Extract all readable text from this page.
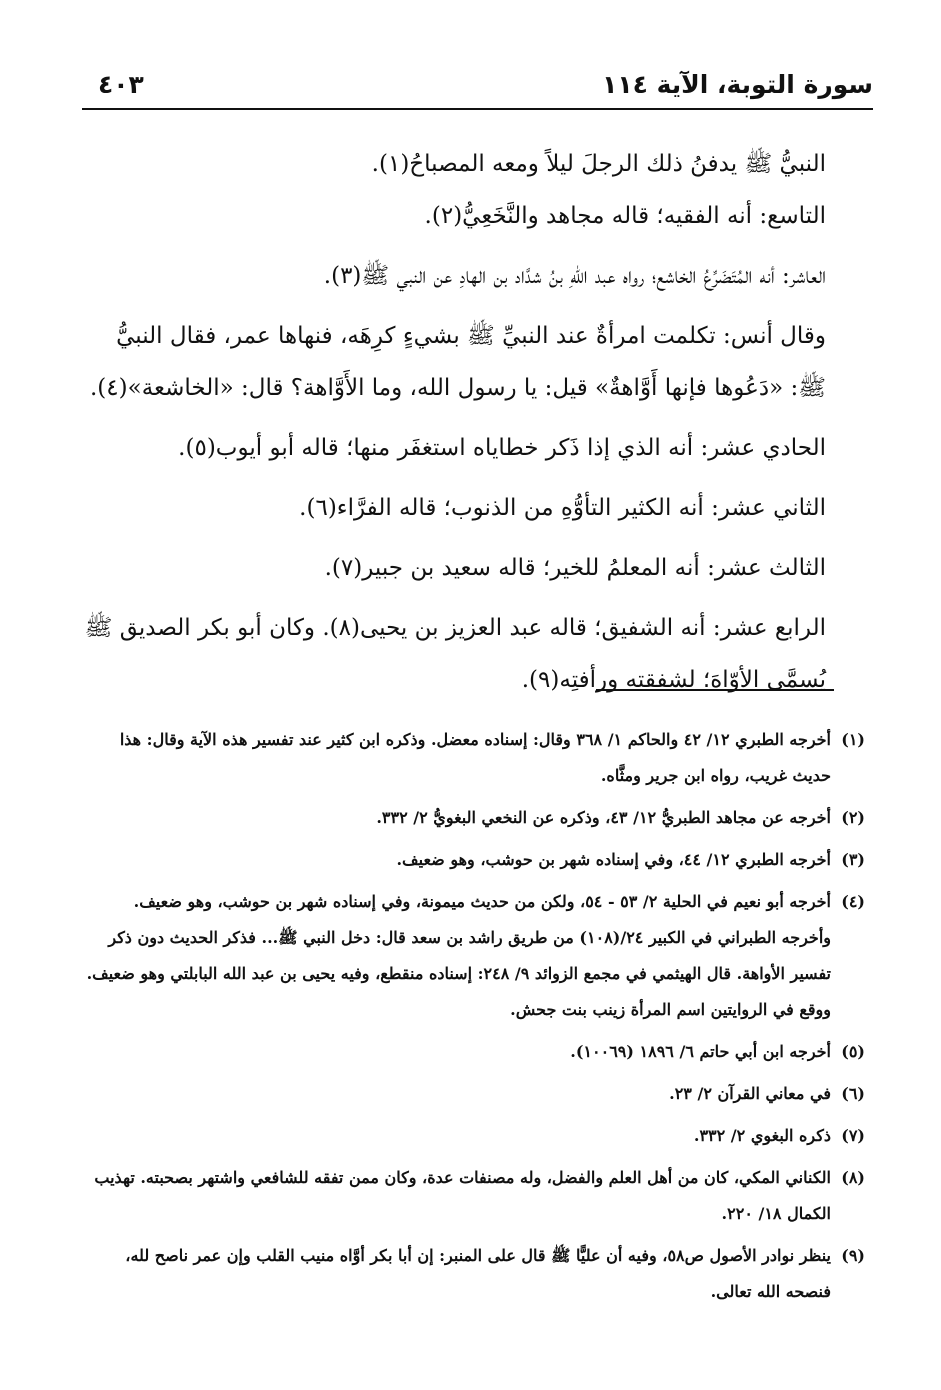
سورة التوبة، الآية ١١٤
٤٠٣

النبيُّ ﷺ يدفنُ ذلك الرجلَ ليلاً ومعه المصباحُ(١).

التاسع: أنه الفقيه؛ قاله مجاهد والنَّخَعِيُّ(٢).

العاشر: أنه المُتَضَرِّعُ الخاشع؛ رواه عبد اللهِ بنُ شدَّاد بن الهادِ عن النبي ﷺ(٣).

وقال أنس: تكلمت امرأةٌ عند النبيِّ ﷺ بشيءٍ كرِهَه، فنهاها عمر، فقال النبيُّ ﷺ: «دَعُوها فإنها أَوَّاهةٌ» قيل: يا رسول الله، وما الأَوَّاهة؟ قال: «الخاشعة»(٤).

الحادي عشر: أنه الذي إذا ذَكر خطاياه استغفَر منها؛ قاله أبو أيوب(٥).

الثاني عشر: أنه الكثير التأوُّهِ من الذنوب؛ قاله الفرَّاء(٦).

الثالث عشر: أنه المعلمُ للخير؛ قاله سعيد بن جبير(٧).

الرابع عشر: أنه الشفيق؛ قاله عبد العزيز بن يحيى(٨). وكان أبو بكر الصديق ﷺ يُسمَّى الأوّاهَ؛ لشفقته ورأفتِه(٩).

(١)
أخرجه الطبري ١٢/ ٤٢ والحاكم ١/ ٣٦٨ وقال: إسناده معضل. وذكره ابن كثير عند تفسير هذه الآية وقال: هذا حديث غريب، رواه ابن جرير ومثَّاه.
(٢)
أخرجه عن مجاهد الطبريُّ ١٢/ ٤٣، وذكره عن النخعي البغويُّ ٢/ ٣٣٢.
(٣)
أخرجه الطبري ١٢/ ٤٤، وفي إسناده شهر بن حوشب، وهو ضعيف.
(٤)
أخرجه أبو نعيم في الحلية ٢/ ٥٣ - ٥٤، ولكن من حديث ميمونة، وفي إسناده شهر بن حوشب، وهو ضعيف. وأخرجه الطبراني في الكبير ٢٤/(١٠٨) من طريق راشد بن سعد قال: دخل النبي ﷺ... فذكر الحديث دون ذكر تفسير الأواهة. قال الهيثمي في مجمع الزوائد ٩/ ٢٤٨: إسناده منقطع، وفيه يحيى بن عبد الله البابلتي وهو ضعيف. ووقع في الروايتين اسم المرأة زينب بنت جحش.
(٥)
أخرجه ابن أبي حاتم ٦/ ١٨٩٦ (١٠٠٦٩).
(٦)
في معاني القرآن ٢/ ٢٣.
(٧)
ذكره البغوي ٢/ ٣٣٢.
(٨)
الكناني المكي، كان من أهل العلم والفضل، وله مصنفات عدة، وكان ممن تفقه للشافعي واشتهر بصحبته. تهذيب الكمال ١٨/ ٢٢٠.
(٩)
ينظر نوادر الأصول ص٥٨، وفيه أن عليًّا ﷺ قال على المنبر: إن أبا بكر أوَّاه منيب القلب وإن عمر ناصح لله، فنصحه الله تعالى.
